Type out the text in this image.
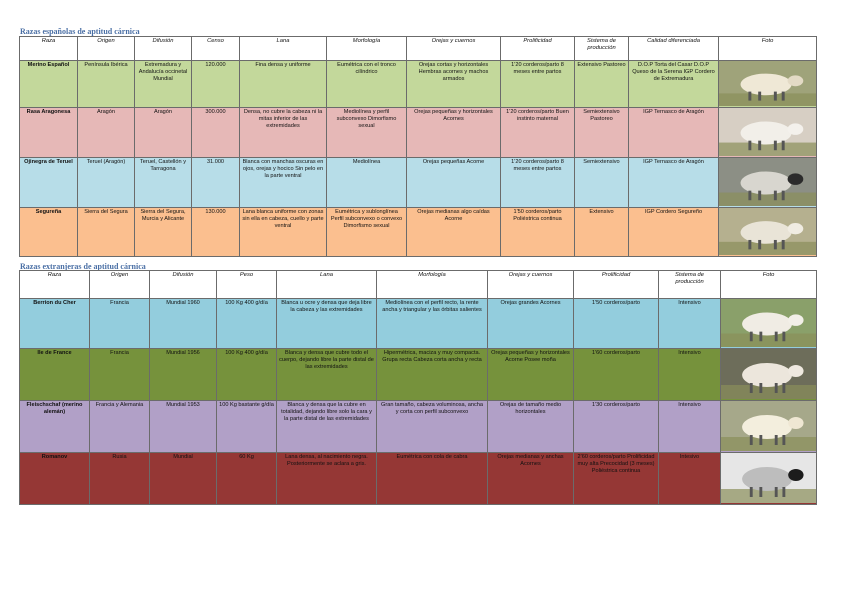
Razas españolas de aptitud cárnica
Raza	Origen	Difusión	Censo	Lana	Morfología	Orejas y cuernos	Prolificidad	Sistema de producción	Calidad diferenciada	Foto
Merino Español	Península Ibérica	Extremadura y Andalucía occinetal Mundial	120.000	Fina densa y uniforme	Eumétrica con el tronco cilíndrico	Orejas cortas y horizontales Hembras acornes y machos armados	1'20 corderos/parto 8 meses entre partos	Extensivo Pastoreo	D.O.P Torta del Casar D.O.P Queso de la Serena IGP Cordero de Extremadura	

Rasa Aragonesa	Aragón	Aragón	300.000	Densa, no cubre la cabeza ni la mitas inferior de las extremidades	Mediolínea y perfil subconvexo Dimorfismo sexual	Orejas pequeñas y horizontales Acornes	1'20 corderos/parto Buen instinto maternal	Semiextensivo Pastoreo	IGP Ternasco de Aragón	

Ojinegra de Teruel	Teruel (Aragón)	Teruel, Castellón y Tarragona	31.000	Blanca con manchas oscuras en ojos, orejas y hocico Sin pelo en la parte ventral	Mediolínea	Orejas pequeñas Acorne	1'20 corderos/parto 8 meses entre partos	Semiextensivo	IGP Ternasco de Aragón	

Segureña	Sierra del Segura	Sierra del Segura, Murcia y Alicante	130.000	Lana blanca uniforme con zonas sin ella en cabeza, cuello y parte ventral	Eumétrica y sublonglínea Perfil subconvexo o convexo Dimorfismo sexual	Orejas medianas algo caídas Acorne	1'50 corderos/parto Poliéstrica continua	Extensivo	IGP Cordero Segureño	
Razas extranjeras de aptitud cárnica
Raza	Origen	Difusión	Peso	Lana	Morfología	Orejas y cuernos	Prolificidad	Sistema de producción	Foto
Berrion du Cher	Francia	Mundial 1960	100 Kg 400 g/día	Blanca u ocre y densa que deja libre la cabeza y las extremidades	Mediolínea con el perfil recto, la rente ancha y triangular y las órbitas salientes	Orejas grandes Acornes	1'50 corderos/parto	Intensivo	

Ile de France	Francia	Mundial 1956	100 Kg 400 g/día	Blanca y densa que cubre todo el cuerpo, dejando libre la parte distal de las extremidades	Hipermétrica, maciza y muy compacta. Grupa recta Cabeza corta ancha y recta	Orejas pequeñas y horizontales Acorne Posee moña	1'60 corderos/parto	Intensivo	

Fleischschaf (merino alemán)	Francia y Alemania	Mundial 1953	100 Kg bastante g/día	Blanca y densa que la cubre en totalidad, dejando libre solo la cara y la parte distal de las extremidades	Gran tamaño, cabeza voluminosa, ancha y corta con perfil subconvexo	Orejas de tamaño medio horizontales	1'30 corderos/parto	Intensivo	

Romanov	Rusia	Mundial	60 Kg	Lana densa, al nacimiento negra. Posteriormente se aclara a gris.	Eumétrica con cola de cabra	Orejas medianas y anchas Acornes	2'60 corderos/parto Prolificidad muy alta Precocidad (3 meses) Poliéstrica continua	Intesivo	
